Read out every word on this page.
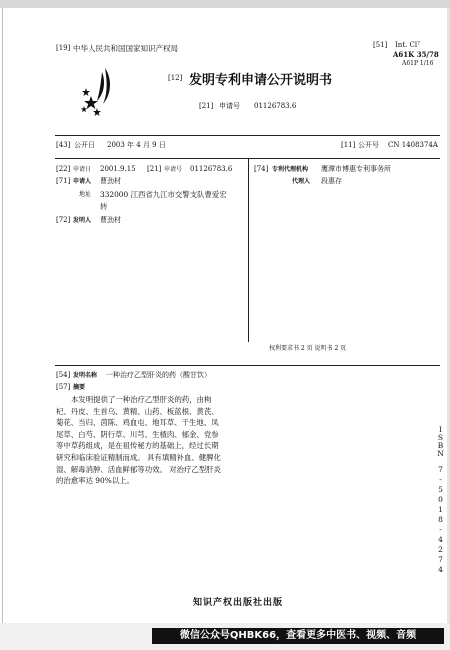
[19] 中华人民共和国国家知识产权局
[12] 发明专利申请公开说明书
[21] 申请号 01126783.6
[51] Int. Cl⁷
A61K 35/78
A61P 1/16
[43] 公开日 2003 年 4 月 9 日	[11] 公开号 CN 1408374A
[22] 申请日 2001.9.15 [21] 申请号 01126783.6
[71] 申请人 曹劲材
地址 332000 江西省九江市交警支队曹爱宏
转
[72] 发明人 曹劲材
[74] 专利代理机构 鹰潭市博惠专利事务所
代理人 段惠存
权利要求书 2 页 说明书 2 页
[54] 发明名称 一种治疗乙型肝炎的药（酸甘饮）
[57] 摘要
本发明提供了一种治疗乙型肝炎的药，由枸
杞、丹皮、生首乌、黄精、山药、板蓝根、黄芪、
菊花、当归、茵陈、鸡血屯、地耳草、干生地、凤
尾草、白芍、阴行草、川芎、生楂肉、郁金、党参
等中草药组成，是在祖传秘方的基础上，经过长期
研究和临床验证精制而成。 具有填精补血、健脾化
湿、解毒消肿、活血鲜郁等功效。 对治疗乙型肝炎
的治愈率达 90%以上。
I
S
B
N
7
-
5
0
1
8
-
4
2
7
4
知识产权出版社出版
微信公众号QHBK66，查看更多中医书、视频、音频
